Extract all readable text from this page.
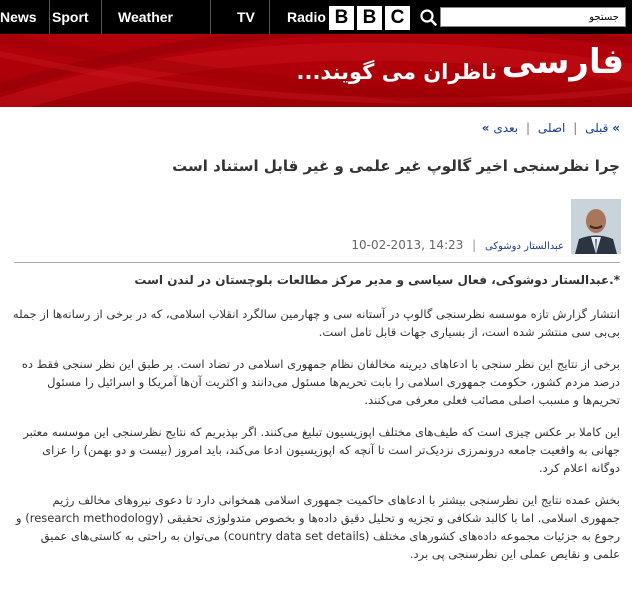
News	Sport	Weather	TV	Radio B B C
جستجو
فارسی
ناظران می گویند...
» قبلی | اصلی | بعدی »
چرا نظرسنجی اخیر گالوپ غیر علمی و غیر قابل استناد است
عبدالستار دوشوکی | 10-02-2013, 14:23
*.عبدالستار دوشوکی، فعال سیاسی و مدیر مرکز مطالعات بلوچستان در لندن است

انتشار گزارش تازه موسسه نظرسنجی گالوپ در آستانه سی و چهارمین سالگرد انقلاب اسلامی، که در برخی از رسانه‌ها از جمله بی‌بی سی منتشر شده است، از بسیاری جهات قابل تامل است.

برخی از نتایج این نظر سنجی با ادعاهای دیرینه مخالفان نظام جمهوری اسلامی در تضاد است. بر طبق این نظر سنجی فقط ده درصد مردم کشور، حکومت جمهوری اسلامی را بابت تحریم‌ها مسئول می‌دانند و اکثریت آن‌ها آمریکا و اسرائیل را مسئول تحریم‌ها و مسبب اصلی مصائب فعلی معرفی می‌کنند.

این کاملا بر عکس چیزی است که طیف‌های مختلف اپوزیسیون تبلیغ می‌کنند. اگر بپذیریم که نتایج نظرسنجی این موسسه معتبر جهانی به واقعیت جامعه درونمرزی نزدیک‌تر است تا آنچه که اپوزیسیون ادعا می‌کند، باید امروز (بیست و دو بهمن) را عزای دوگانه اعلام کرد.

بخش عمده نتایج این نظرسنجی بیشتر با ادعاهای حاکمیت جمهوری اسلامی همخوانی دارد تا دعوی نیروهای مخالف رژیم جمهوری اسلامی. اما با کالبد شکافی و تجزیه و تحلیل دقیق داده‌ها و بخصوص متدولوژی تحقیقی (research methodology) و رجوع به جزئیات مجموعه داده‌های کشورهای مختلف (country data set details) می‌توان به راحتی به کاستی‌های عمیق علمی و نقایص عملی این نظرسنجی پی برد.
